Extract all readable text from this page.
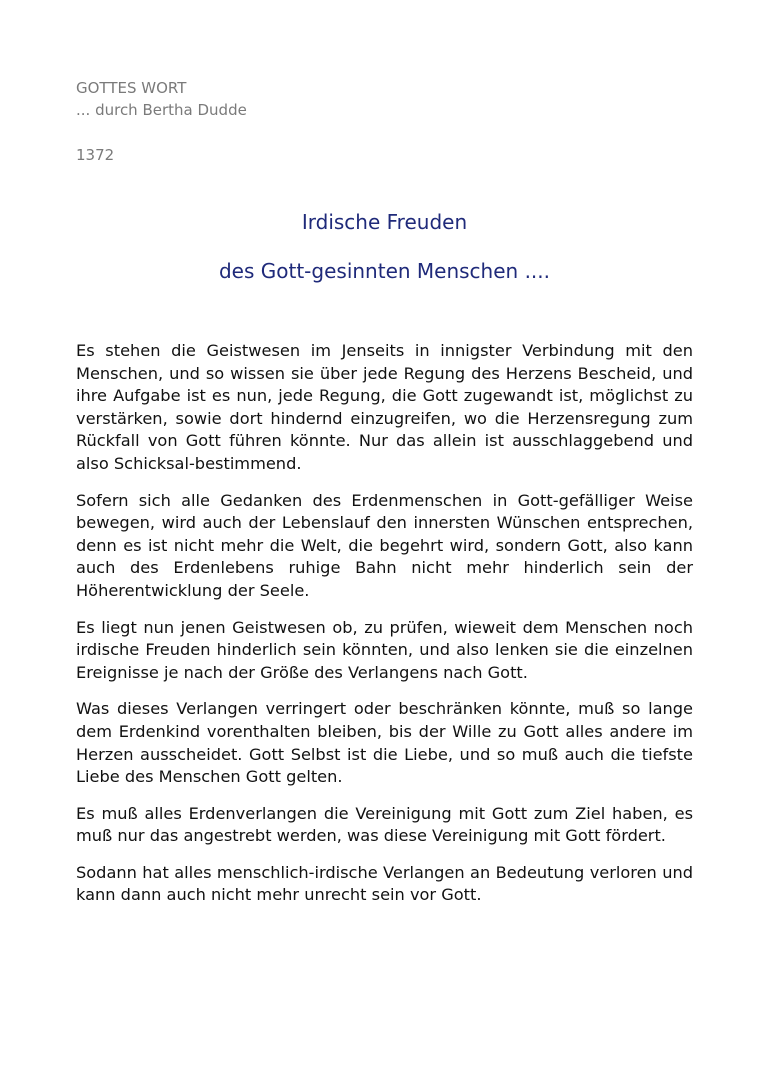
GOTTES WORT
... durch Bertha Dudde
1372
Irdische Freuden
des Gott-gesinnten Menschen ....

Es stehen die Geistwesen im Jenseits in innigster Verbindung mit den Menschen, und so wissen sie über jede Regung des Herzens Bescheid, und ihre Aufgabe ist es nun, jede Regung, die Gott zugewandt ist, möglichst zu verstärken, sowie dort hindernd einzugreifen, wo die Herzensregung zum Rückfall von Gott führen könnte. Nur das allein ist ausschlaggebend und also Schicksal-bestimmend.

Sofern sich alle Gedanken des Erdenmenschen in Gott-gefälliger Weise bewegen, wird auch der Lebenslauf den innersten Wünschen entsprechen, denn es ist nicht mehr die Welt, die begehrt wird, sondern Gott, also kann auch des Erdenlebens ruhige Bahn nicht mehr hinderlich sein der Höherentwicklung der Seele.

Es liegt nun jenen Geistwesen ob, zu prüfen, wieweit dem Menschen noch irdische Freuden hinderlich sein könnten, und also lenken sie die einzelnen Ereignisse je nach der Größe des Verlangens nach Gott.

Was dieses Verlangen verringert oder beschränken könnte, muß so lange dem Erdenkind vorenthalten bleiben, bis der Wille zu Gott alles andere im Herzen ausscheidet. Gott Selbst ist die Liebe, und so muß auch die tiefste Liebe des Menschen Gott gelten.

Es muß alles Erdenverlangen die Vereinigung mit Gott zum Ziel haben, es muß nur das angestrebt werden, was diese Vereinigung mit Gott fördert.

Sodann hat alles menschlich-irdische Verlangen an Bedeutung verloren und kann dann auch nicht mehr unrecht sein vor Gott.
